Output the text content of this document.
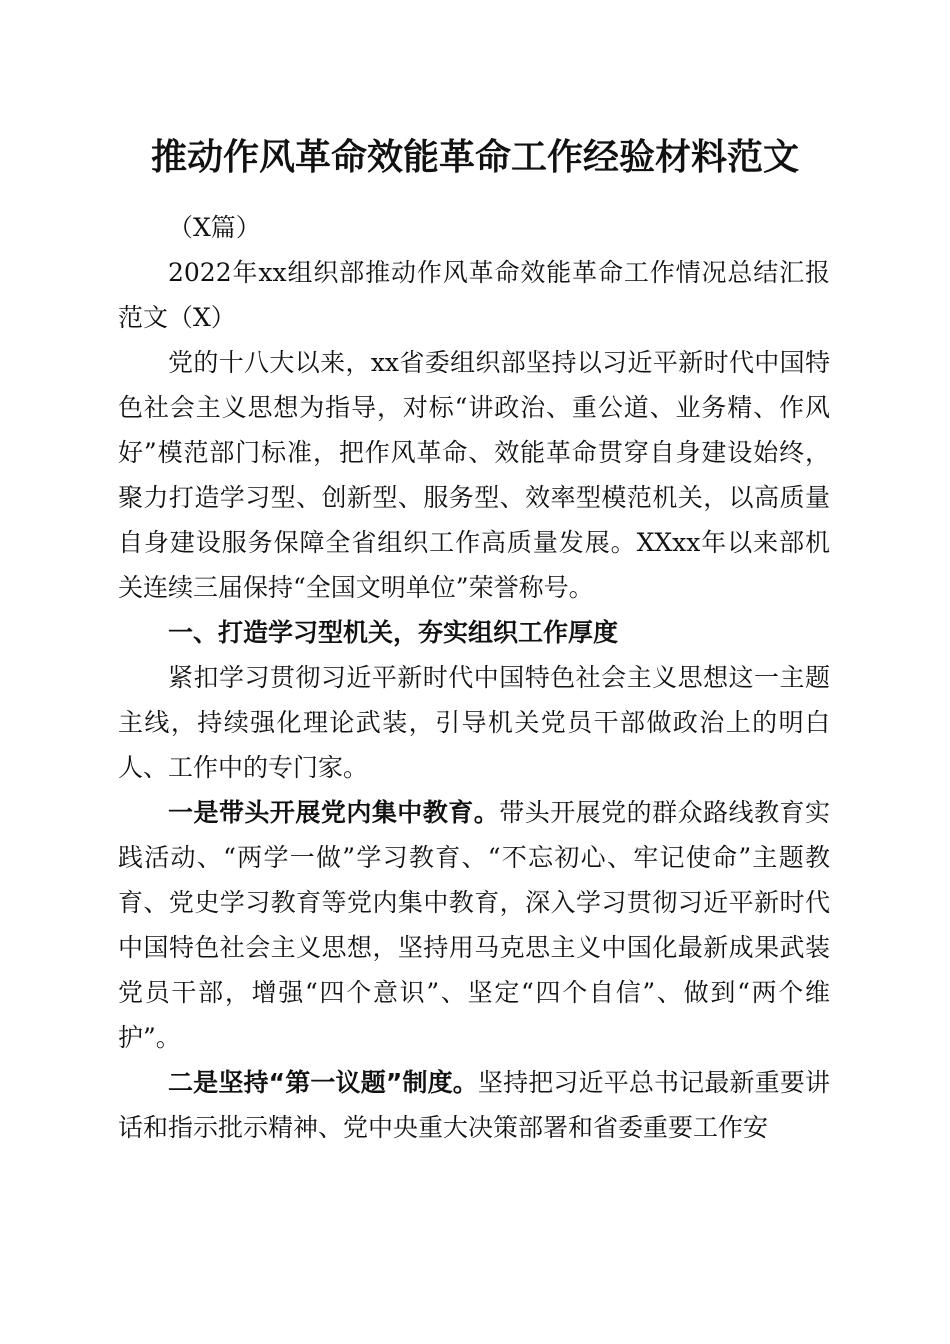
推动作风革命效能革命工作经验材料范文

（X篇）

2022年xx组织部推动作风革命效能革命工作情况总结汇报范文（X）

党的十八大以来，xx省委组织部坚持以习近平新时代中国特色社会主义思想为指导，对标“讲政治、重公道、业务精、作风好”模范部门标准，把作风革命、效能革命贯穿自身建设始终，聚力打造学习型、创新型、服务型、效率型模范机关，以高质量自身建设服务保障全省组织工作高质量发展。XXxx年以来部机关连续三届保持“全国文明单位”荣誉称号。

一、打造学习型机关，夯实组织工作厚度

紧扣学习贯彻习近平新时代中国特色社会主义思想这一主题主线，持续强化理论武装，引导机关党员干部做政治上的明白人、工作中的专门家。

一是带头开展党内集中教育。带头开展党的群众路线教育实践活动、“两学一做”学习教育、“不忘初心、牢记使命”主题教育、党史学习教育等党内集中教育，深入学习贯彻习近平新时代中国特色社会主义思想，坚持用马克思主义中国化最新成果武装党员干部，增强“四个意识”、坚定“四个自信”、做到“两个维护”。

二是坚持“第一议题”制度。坚持把习近平总书记最新重要讲话和指示批示精神、党中央重大决策部署和省委重要工作安
